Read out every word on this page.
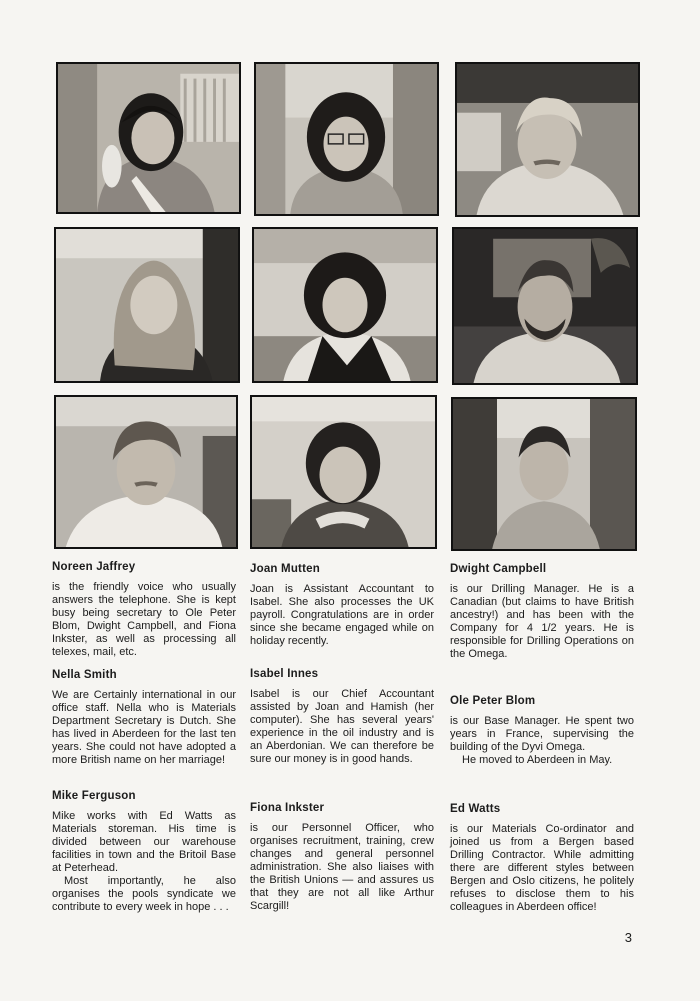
Noreen Jaffrey
is the friendly voice who usually answers the telephone. She is kept busy being secretary to Ole Peter Blom, Dwight Campbell, and Fiona Inkster, as well as processing all telexes, mail, etc.
Nella Smith
We are Certainly international in our office staff. Nella who is Materials Department Secretary is Dutch. She has lived in Aberdeen for the last ten years. She could not have adopted a more British name on her marriage!
Mike Ferguson

Mike works with Ed Watts as Materials storeman. His time is divided between our warehouse facilities in town and the Britoil Base at Peterhead.

Most importantly, he also organises the pools syndicate we contribute to every week in hope . . .

Joan Mutten
Joan is Assistant Accountant to Isabel. She also processes the UK payroll. Congratulations are in order since she became engaged while on holiday recently.
Isabel Innes
Isabel is our Chief Accountant assisted by Joan and Hamish (her computer). She has several years' experience in the oil industry and is an Aberdonian. We can therefore be sure our money is in good hands.
Fiona Inkster
is our Personnel Officer, who organises recruitment, training, crew changes and general personnel administration. She also liaises with the British Unions — and assures us that they are not all like Arthur Scargill!
Dwight Campbell
is our Drilling Manager. He is a Canadian (but claims to have British ancestry!) and has been with the Company for 4 1/2 years. He is responsible for Drilling Operations on the Omega.
Ole Peter Blom

is our Base Manager. He spent two years in France, supervising the building of the Dyvi Omega.

He moved to Aberdeen in May.

Ed Watts
is our Materials Co-ordinator and joined us from a Bergen based Drilling Contractor. While admitting there are different styles between Bergen and Oslo citizens, he politely refuses to disclose them to his colleagues in Aberdeen office!
3
